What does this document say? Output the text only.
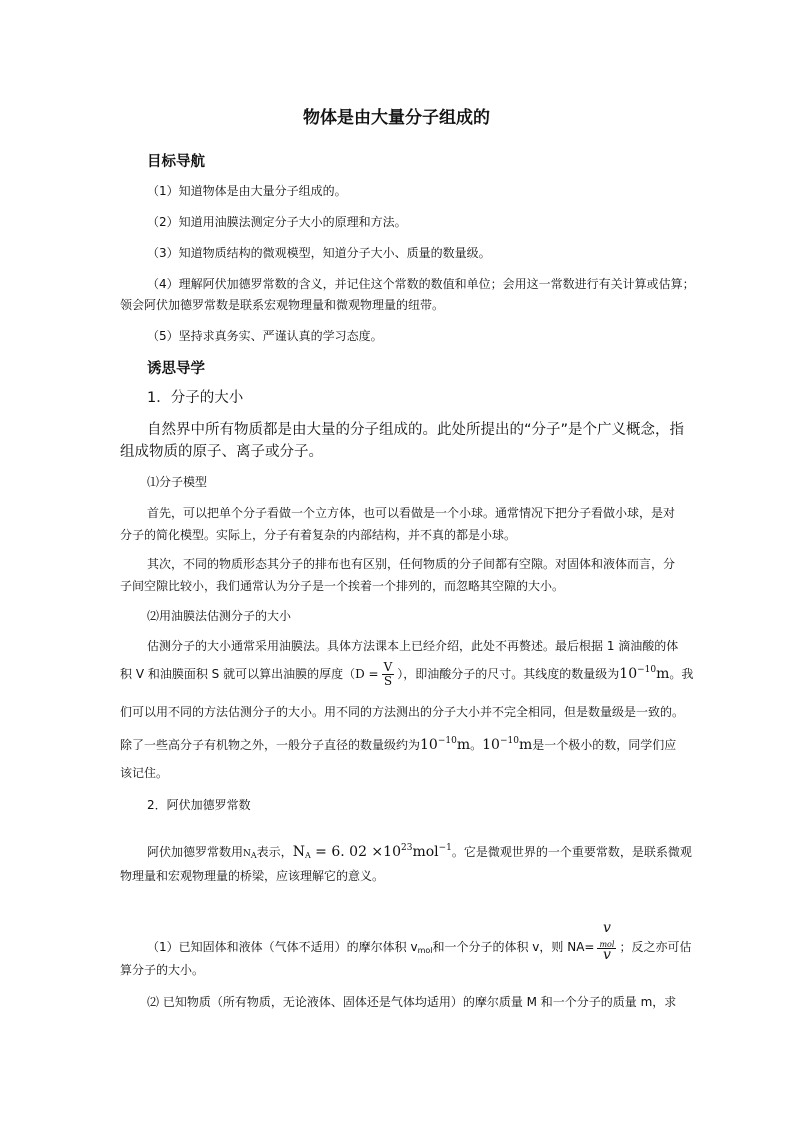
物体是由大量分子组成的
目标导航
（1）知道物体是由大量分子组成的。
（2）知道用油膜法测定分子大小的原理和方法。
（3）知道物质结构的微观模型，知道分子大小、质量的数量级。
（4）理解阿伏加德罗常数的含义，并记住这个常数的数值和单位；会用这一常数进行有关计算或估算；
领会阿伏加德罗常数是联系宏观物理量和微观物理量的纽带。
（5）坚持求真务实、严谨认真的学习态度。
诱思导学
1．分子的大小
自然界中所有物质都是由大量的分子组成的。此处所提出的“分子”是个广义概念，指
组成物质的原子、离子或分子。
⑴分子模型
首先，可以把单个分子看做一个立方体，也可以看做是一个小球。通常情况下把分子看做小球，是对
分子的简化模型。实际上，分子有着复杂的内部结构，并不真的都是小球。
其次，不同的物质形态其分子的排布也有区别，任何物质的分子间都有空隙。对固体和液体而言，分
子间空隙比较小，我们通常认为分子是一个挨着一个排列的，而忽略其空隙的大小。
⑵用油膜法估测分子的大小
估测分子的大小通常采用油膜法。具体方法课本上已经介绍，此处不再赘述。最后根据 1 滴油酸的体
积 V 和油膜面积 S 就可以算出油膜的厚度（$D = \frac{V}{S}$ ），即油酸分子的尺寸。其线度的数量级为$10^{-10}m$。我
们可以用不同的方法估测分子的大小。用不同的方法测出的分子大小并不完全相同，但是数量级是一致的。
除了一些高分子有机物之外，一般分子直径的数量级约为$10^{-10}m$。$10^{-10}m$是一个极小的数，同学们应
该记住。
2．阿伏加德罗常数
阿伏加德罗常数用$N_A$表示，$N_A = 6$. $02 \times 10^{23}mol^{-1}$。它是微观世界的一个重要常数，是联系微观
物理量和宏观物理量的桥梁，应该理解它的意义。
（1）已知固体和液体（气体不适用）的摩尔体积 $v_{mol}$和一个分子的体积 v，则 NA= v
$_{mol}$
v ；反之亦可估
算分子的大小。
⑵ 已知物质（所有物质，无论液体、固体还是气体均适用）的摩尔质量 M 和一个分子的质量 m，求
